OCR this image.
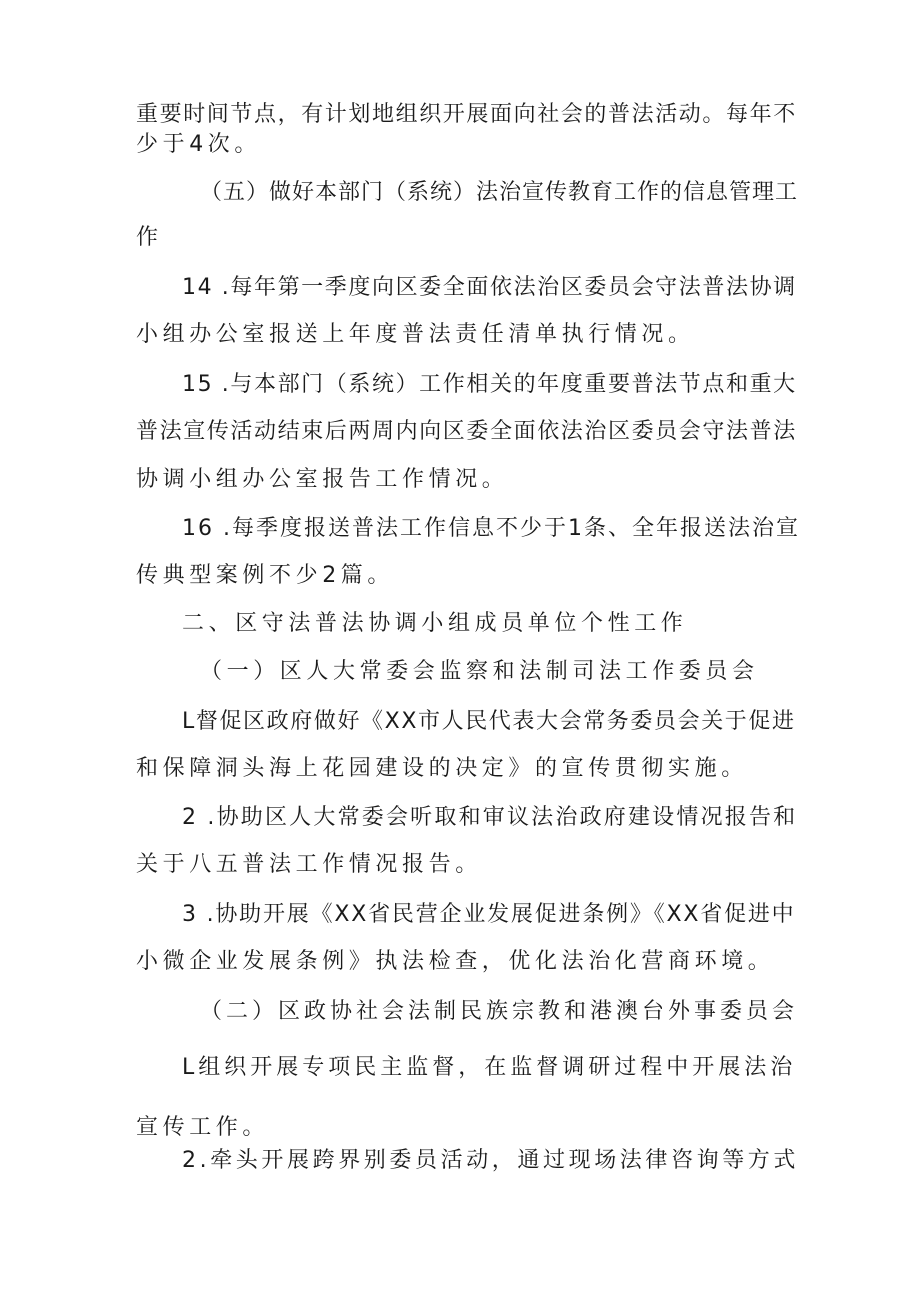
重要时间节点，有计划地组织开展面向社会的普法活动。每年不
少于4次。
（五）做好本部门（系统）法治宣传教育工作的信息管理工
作
14 .每年第一季度向区委全面依法治区委员会守法普法协调
小组办公室报送上年度普法责任清单执行情况。
15 .与本部门（系统）工作相关的年度重要普法节点和重大
普法宣传活动结束后两周内向区委全面依法治区委员会守法普法
协调小组办公室报告工作情况。
16 .每季度报送普法工作信息不少于1条、全年报送法治宣
传典型案例不少2篇。
二、区守法普法协调小组成员单位个性工作
（一）区人大常委会监察和法制司法工作委员会
L督促区政府做好《XX市人民代表大会常务委员会关于促进
和保障洞头海上花园建设的决定》的宣传贯彻实施。
2 .协助区人大常委会听取和审议法治政府建设情况报告和
关于八五普法工作情况报告。
3 .协助开展《XX省民营企业发展促进条例》《XX省促进中
小微企业发展条例》执法检查，优化法治化营商环境。
（二）区政协社会法制民族宗教和港澳台外事委员会
L组织开展专项民主监督，在监督调研过程中开展法治
宣传工作。
2.牵头开展跨界别委员活动，通过现场法律咨询等方式
